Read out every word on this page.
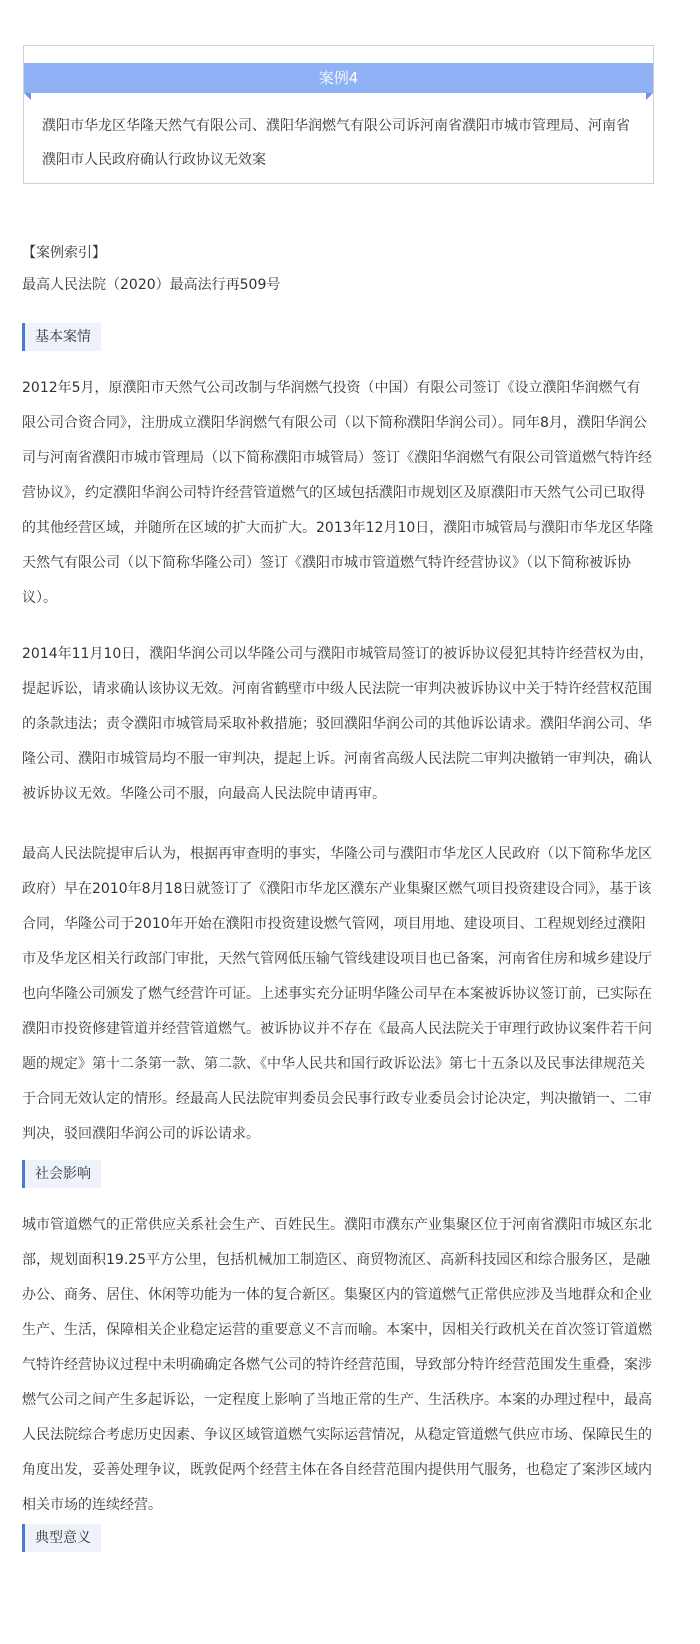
案例4
濮阳市华龙区华隆天然气有限公司、濮阳华润燃气有限公司诉河南省濮阳市城市管理局、河南省濮阳市人民政府确认行政协议无效案

【案例索引】

最高人民法院（2020）最高法行再509号

基本案情

2012年5月，原濮阳市天然气公司改制与华润燃气投资（中国）有限公司签订《设立濮阳华润燃气有限公司合资合同》，注册成立濮阳华润燃气有限公司（以下简称濮阳华润公司）。同年8月，濮阳华润公司与河南省濮阳市城市管理局（以下简称濮阳市城管局）签订《濮阳华润燃气有限公司管道燃气特许经营协议》，约定濮阳华润公司特许经营管道燃气的区域包括濮阳市规划区及原濮阳市天然气公司已取得的其他经营区域，并随所在区域的扩大而扩大。2013年12月10日，濮阳市城管局与濮阳市华龙区华隆天然气有限公司（以下简称华隆公司）签订《濮阳市城市管道燃气特许经营协议》（以下简称被诉协议）。

2014年11月10日，濮阳华润公司以华隆公司与濮阳市城管局签订的被诉协议侵犯其特许经营权为由，提起诉讼，请求确认该协议无效。河南省鹤壁市中级人民法院一审判决被诉协议中关于特许经营权范围的条款违法；责令濮阳市城管局采取补救措施；驳回濮阳华润公司的其他诉讼请求。濮阳华润公司、华隆公司、濮阳市城管局均不服一审判决，提起上诉。河南省高级人民法院二审判决撤销一审判决，确认被诉协议无效。华隆公司不服，向最高人民法院申请再审。

最高人民法院提审后认为，根据再审查明的事实，华隆公司与濮阳市华龙区人民政府（以下简称华龙区政府）早在2010年8月18日就签订了《濮阳市华龙区濮东产业集聚区燃气项目投资建设合同》，基于该合同，华隆公司于2010年开始在濮阳市投资建设燃气管网，项目用地、建设项目、工程规划经过濮阳市及华龙区相关行政部门审批，天然气管网低压输气管线建设项目也已备案，河南省住房和城乡建设厅也向华隆公司颁发了燃气经营许可证。上述事实充分证明华隆公司早在本案被诉协议签订前，已实际在濮阳市投资修建管道并经营管道燃气。被诉协议并不存在《最高人民法院关于审理行政协议案件若干问题的规定》第十二条第一款、第二款、《中华人民共和国行政诉讼法》第七十五条以及民事法律规范关于合同无效认定的情形。经最高人民法院审判委员会民事行政专业委员会讨论决定，判决撤销一、二审判决，驳回濮阳华润公司的诉讼请求。

社会影响

城市管道燃气的正常供应关系社会生产、百姓民生。濮阳市濮东产业集聚区位于河南省濮阳市城区东北部，规划面积19.25平方公里，包括机械加工制造区、商贸物流区、高新科技园区和综合服务区，是融办公、商务、居住、休闲等功能为一体的复合新区。集聚区内的管道燃气正常供应涉及当地群众和企业生产、生活，保障相关企业稳定运营的重要意义不言而喻。本案中，因相关行政机关在首次签订管道燃气特许经营协议过程中未明确确定各燃气公司的特许经营范围，导致部分特许经营范围发生重叠，案涉燃气公司之间产生多起诉讼，一定程度上影响了当地正常的生产、生活秩序。本案的办理过程中，最高人民法院综合考虑历史因素、争议区域管道燃气实际运营情况，从稳定管道燃气供应市场、保障民生的角度出发，妥善处理争议，既敦促两个经营主体在各自经营范围内提供用气服务，也稳定了案涉区域内相关市场的连续经营。

典型意义
